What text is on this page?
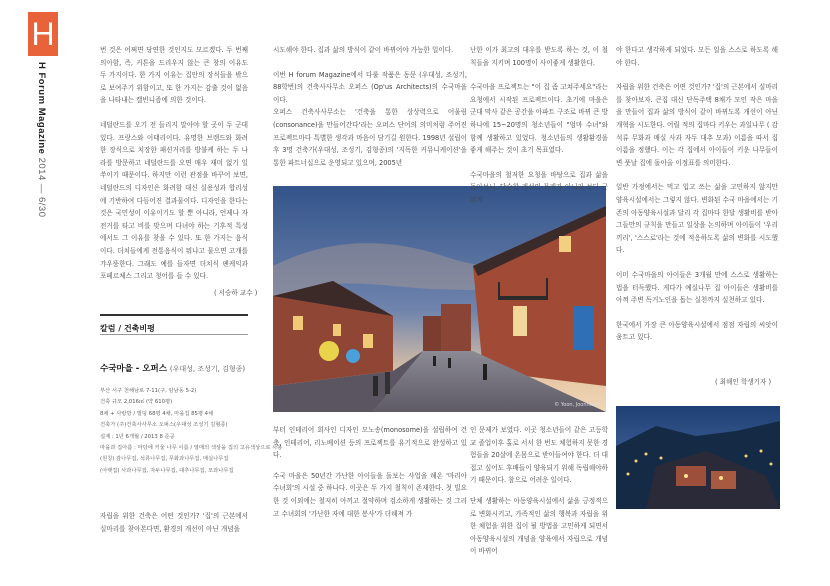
H
H Forum Magazine 2014 — 6/30

번 것은 어쩌면 당연한 것인지도 모르겠다. 두 번째 의아함, 즉, 커튼을 드리우지 않는 큰 창의 이유도 두 가지이다. 한 가지 이유는 집안의 장식들을 밖으로 보여주기 위함이고, 또 한 가지는 감출 것이 없음을 나타내는 캘빈니즘에 의한 것이다.

네덜란드를 오기 전 들리지 말아야 할 곳이 두 군데 있다. 프랑스와 이태리이다. 유명한 브랜드와 화려한 장식으로 치장한 패션거리를 방불케 하는 두 나라를 방문하고 네덜란드를 오면 매우 재미 없기 일쑤이기 때문이다. 하지만 이런 관점을 바꾸어 보면, 네덜란드의 디자인은 화려함 대신 실용성과 합리성에 기반하여 다듬어진 결과물이다. 디자인을 한다는 것은 국민성이 이유이기도 할 뿐 아니라, 언제나 자전거를 타고 비를 맞으며 다녀야 하는 기후적 특성에서도 그 이유를 찾을 수 있다. 또 한 가지는 음식이다. 더치들에게 전통음식이 뭐냐고 물으면 고개를 갸우뚱한다. 그래도 예를 들자면 더치식 팬케익과 포페르체스 그리고 청어를 들 수 있다.

( 서승하 교수 )
칼럼 / 건축비평
수국마을 - 오퍼스 (우대성, 조성기, 김형종)
부산 서구 천해남로 7-11(구, 암남동 5-2)
건축 규모 2,016㎡ (약 610평)
8채 + 사랑방 / 빌딩 68평 4채, 마을집 85평 4채
건축가 (주)건축사사무소 오퍼스(우대성 조성기 김형종)
설계 : 1년 6개월 / 2013 8 준공
마을과 집아름 : 마당에 키울 나무 이름 / 열매의 색상을 집의 고유색상으로 사용
(원칭) 감나무집, 석류나무집, 무화과나무집, 매실나무집
(아랫집) 사과나무집, 자두나무집, 대추나무집, 모과나무집

자립을 위한 건축은 어떤 것인가? '집'의 근본에서 실마리를 찾아본다면, 환경의 개선이 아닌 개념을

시도해야 한다. 집과 삶의 방식이 같이 바뀌어야 가능한 일이다.

이번 H forum Magazine에서 다룰 작품은 동문 (우대성, 조성기, 88학번)의 건축사사무소 오퍼스 (Op'us Architects)의 수국마을 이다.

오퍼스 건축사사무소는 '건축을 통한 상상력으로 어울림(consonance)을 만들어간다'라는 오퍼스 단어의 의미처럼 주어진 프로젝트마다 특별한 생각과 마음이 담기길 원한다. 1998년 설립이후 3명 건축가(우대성, 조성기, 김형종)의 '지독한 커뮤니케이션'을 통한 파트너십으로 운영되고 있으며, 2005년

© Yoon, Joonhwan

부터 인테리어 회사인 디자인 모노송(monosome)을 설립하여 건축, 인테리어, 리노베이션 등의 프로젝트를 유기적으로 완성하고 있다.

수국 마을은 50년간 가난한 아이들을 돌보는 사업을 해온 '마리아 수녀회'의 시설 중 하나다. 이곳은 두 가지 철칙이 존재한다. 첫 빌요한 것 이외에는 철저히 아끼고 절약하며 검소하게 생활하는 것 그리고 수녀회의 '가난한 자에 대한 봉사'가 더해져 가

난한 이가 최고의 대우를 받도록 하는 것, 이 철칙들을 지키며 100명이 사이좋게 생활한다.

수국마을 프로젝트는 "이 집 좀 고쳐주세요"라는 요청에서 시작된 프로젝트이다. 초기에 마을은 군대 막사 같은 공간을 아파트 구조로 바뀌 큰 방 하나에 15~20명의 청소년들이 "엄마 수녀"와 함께 생활하고 있었다. 청소년들의 생활환경을 좋게 해주는 것이 초기 목표였다.

수국마을의 철저한 요청을 바탕으로 집과 삶을 돌아보니, 단순한 개선의 문제가 아니라 보다 근본적

인 문제가 보였다. 이곳 청소년들이 같은 고등학교 졸업이후 홀로 서서 한 번도 체험하지 못한 경험들을 20살에 온몸으로 받아들여야 한다. 더 대접고 싶어도 후배들이 양육되기 위해 독립해야하기 때문이다. 참으로 어려운 일이다.

단체 생활하는 아동양육시설에서 삶을 긍정적으로 변화시키고, 가족적인 삶의 행복과 자립을 위한 체험을 위한 집이 될 방법을 고민하게 되면서 아동양육시설의 개념을 양육에서 자립으로 개념이 바뀌어

야 한다고 생각하게 되었다. 모든 일을 스스로 하도록 해야 한다.

자립을 위한 건축은 어떤 것인가? '집'의 근본에서 실마리를 찾아보자. 큰집 대신 단독주택 8채가 모인 작은 마을을 만들어 집과 삶의 방식이 같이 바뀌도록 개선이 아닌 개혁을 시도한다. 어릴 적의 집마다 키우는 과일나무 ( 감 석류 무화과 매실 사과 자두 대추 모과) 이름을 따서 집 이름을 정했다. 이는 각 집에서 아이들이 키운 나무들이 변 풋날 집에 돌아올 이정표를 의미한다.

일반 가정에서는 먹고 입고 쓰는 삶을 고민하지 않지만 양육시설에서는 그렇지 않다. 변화된 수국 마을에서는 기존의 아동양육시설과 달리 각 집마다 한달 생활비를 받아 그들만의 규칙을 만들고 일상을 논의하며 아이들이 '우리끼리', '스스로'라는 것에 적응하도록 삶의 변화를 시도했다.

이미 수국마을의 아이들은 3개월 만에 스스로 생활하는 법을 터득했다. 게다가 예실나무 집 아이들은 생활비를 아껴 주변 독거노인을 돕는 실천까지 실천하고 있다.

한국에서 가장 큰 아동양육시설에서 점점 자립의 씨앗이 움트고 있다.

( 최해인 학생기자 )
